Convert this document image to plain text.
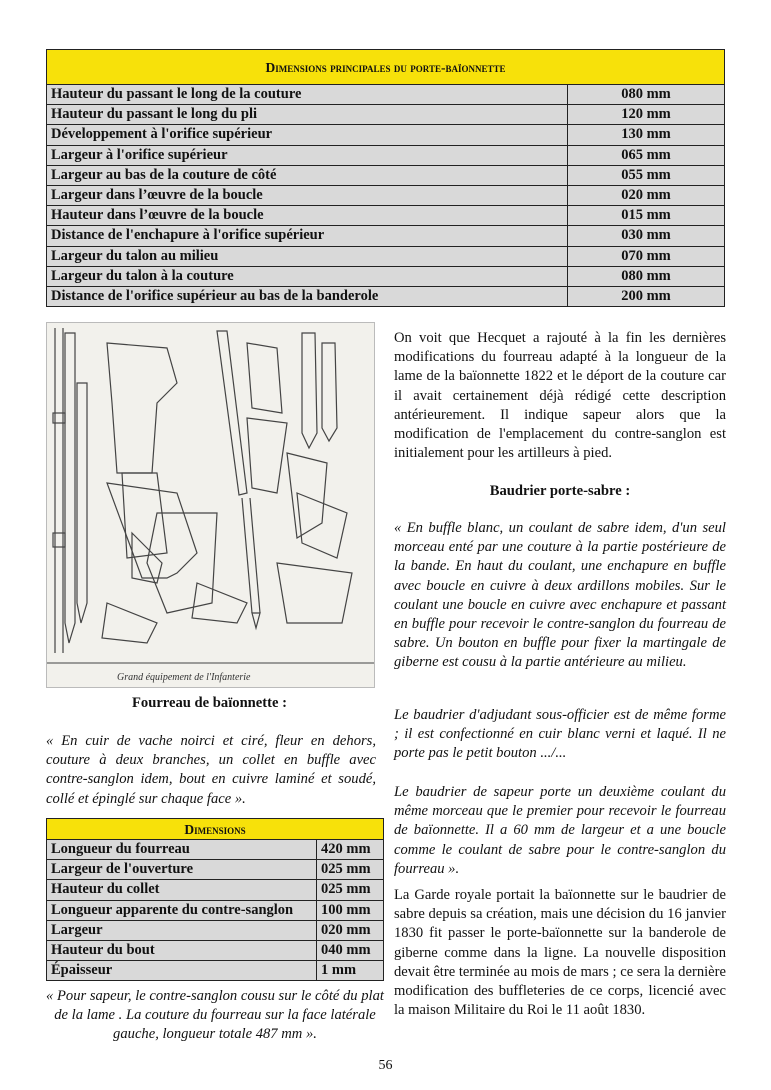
Dimensions principales du porte-baïonnette	
Hauteur du passant le long de la couture	080 mm
Hauteur du passant le long du pli	120 mm
Développement à l'orifice supérieur	130 mm
Largeur à l'orifice supérieur	065 mm
Largeur au bas de la couture de côté	055 mm
Largeur dans l’œuvre de la boucle	020 mm
Hauteur dans l’œuvre de la boucle	015 mm
Distance de l'enchapure à l'orifice supérieur	030 mm
Largeur du talon au milieu	070 mm
Largeur du talon à la couture	080 mm
Distance de l'orifice supérieur au bas de la banderole	200 mm
Grand équipement de l'Infanterie
Fourreau de baïonnette :
« En cuir de vache noirci et ciré, fleur en dehors, couture à deux branches, un collet en buffle avec contre-sanglon idem, bout en cuivre laminé et soudé, collé et épinglé sur chaque face ».
Dimensions	
Longueur du fourreau	420 mm
Largeur de l'ouverture	025 mm
Hauteur du collet	025 mm
Longueur apparente du contre-sanglon	100 mm
Largeur	020 mm
Hauteur du bout	040 mm
Épaisseur	1 mm
« Pour sapeur, le contre-sanglon cousu sur le côté du plat de la lame . La couture du fourreau sur la face latérale gauche, longueur totale 487 mm ».
On voit que Hecquet a rajouté à la fin les dernières modifications du fourreau adapté à la longueur de la lame de la baïonnette 1822 et le déport de la couture car il avait certainement déjà rédigé cette description antérieurement. Il indique sapeur alors que la modification de l'emplacement du contre-sanglon est initialement pour les artilleurs à pied.
Baudrier porte-sabre :
« En buffle blanc, un coulant de sabre idem, d'un seul morceau enté par une couture à la partie postérieure de la bande. En haut du coulant, une enchapure en buffle avec boucle en cuivre à deux ardillons mobiles. Sur le coulant une boucle en cuivre avec enchapure et passant en buffle pour recevoir le contre-sanglon du fourreau de sabre. Un bouton en buffle pour fixer la martingale de giberne est cousu à la partie antérieure au milieu.
Le baudrier d'adjudant sous-officier est de même forme ; il est confectionné en cuir blanc verni et laqué. Il ne porte pas le petit bouton .../...
Le baudrier de sapeur porte un deuxième coulant du même morceau que le premier pour recevoir le fourreau de baïonnette. Il a 60 mm de largeur et a une boucle comme le coulant de sabre pour le contre-sanglon du fourreau ».
La Garde royale portait la baïonnette sur le baudrier de sabre depuis sa création, mais une décision du 16 janvier 1830 fit passer le porte-baïonnette sur la banderole de giberne comme dans la ligne. La nouvelle disposition devait être terminée au mois de mars ; ce sera la dernière modification des buffleteries de ce corps, licencié avec la maison Militaire du Roi le 11 août 1830.
56
